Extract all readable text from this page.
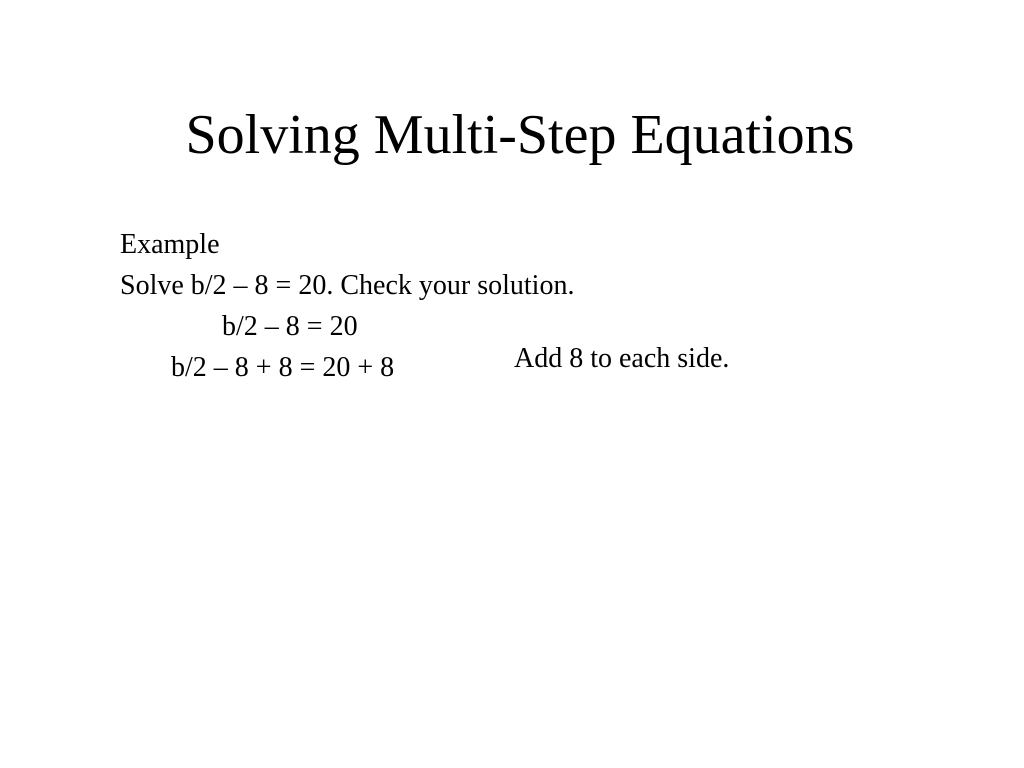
Solving Multi-Step Equations

Example

Solve b/2 – 8 = 20. Check your solution.

b/2 – 8 = 20

b/2 – 8 + 8 = 20 + 8	Add 8 to each side.
